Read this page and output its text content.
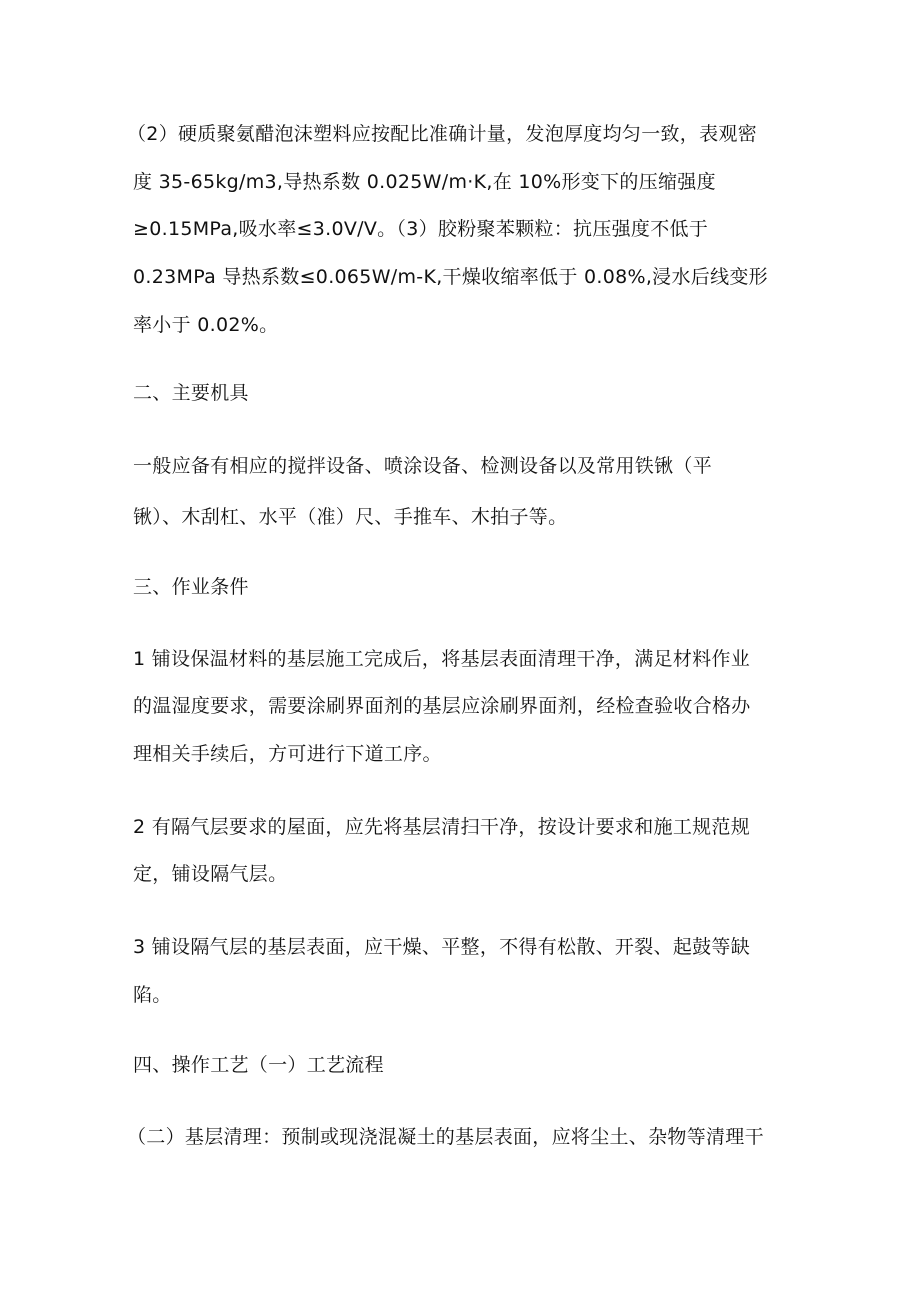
（2）硬质聚氨醋泡沫塑料应按配比准确计量，发泡厚度均匀一致，表观密
度 35-65kg∕m3,导热系数 0.025W∕m·K,在 10%形变下的压缩强度
≥0.15MPa,吸水率≤3.0V∕V。（3）胶粉聚苯颗粒：抗压强度不低于
0.23MPa 导热系数≤0.065W∕m-K,干燥收缩率低于 0.08%,浸水后线变形
率小于 0.02%。
二、主要机具
一般应备有相应的搅拌设备、喷涂设备、检测设备以及常用铁锹（平
锹）、木刮杠、水平（准）尺、手推车、木拍子等。
三、作业条件
1 铺设保温材料的基层施工完成后，将基层表面清理干净，满足材料作业
的温湿度要求，需要涂刷界面剂的基层应涂刷界面剂，经检查验收合格办
理相关手续后，方可进行下道工序。
2 有隔气层要求的屋面，应先将基层清扫干净，按设计要求和施工规范规
定，铺设隔气层。
3 铺设隔气层的基层表面，应干燥、平整，不得有松散、开裂、起鼓等缺
陷。
四、操作工艺（一）工艺流程
（二）基层清理：预制或现浇混凝土的基层表面，应将尘土、杂物等清理干
